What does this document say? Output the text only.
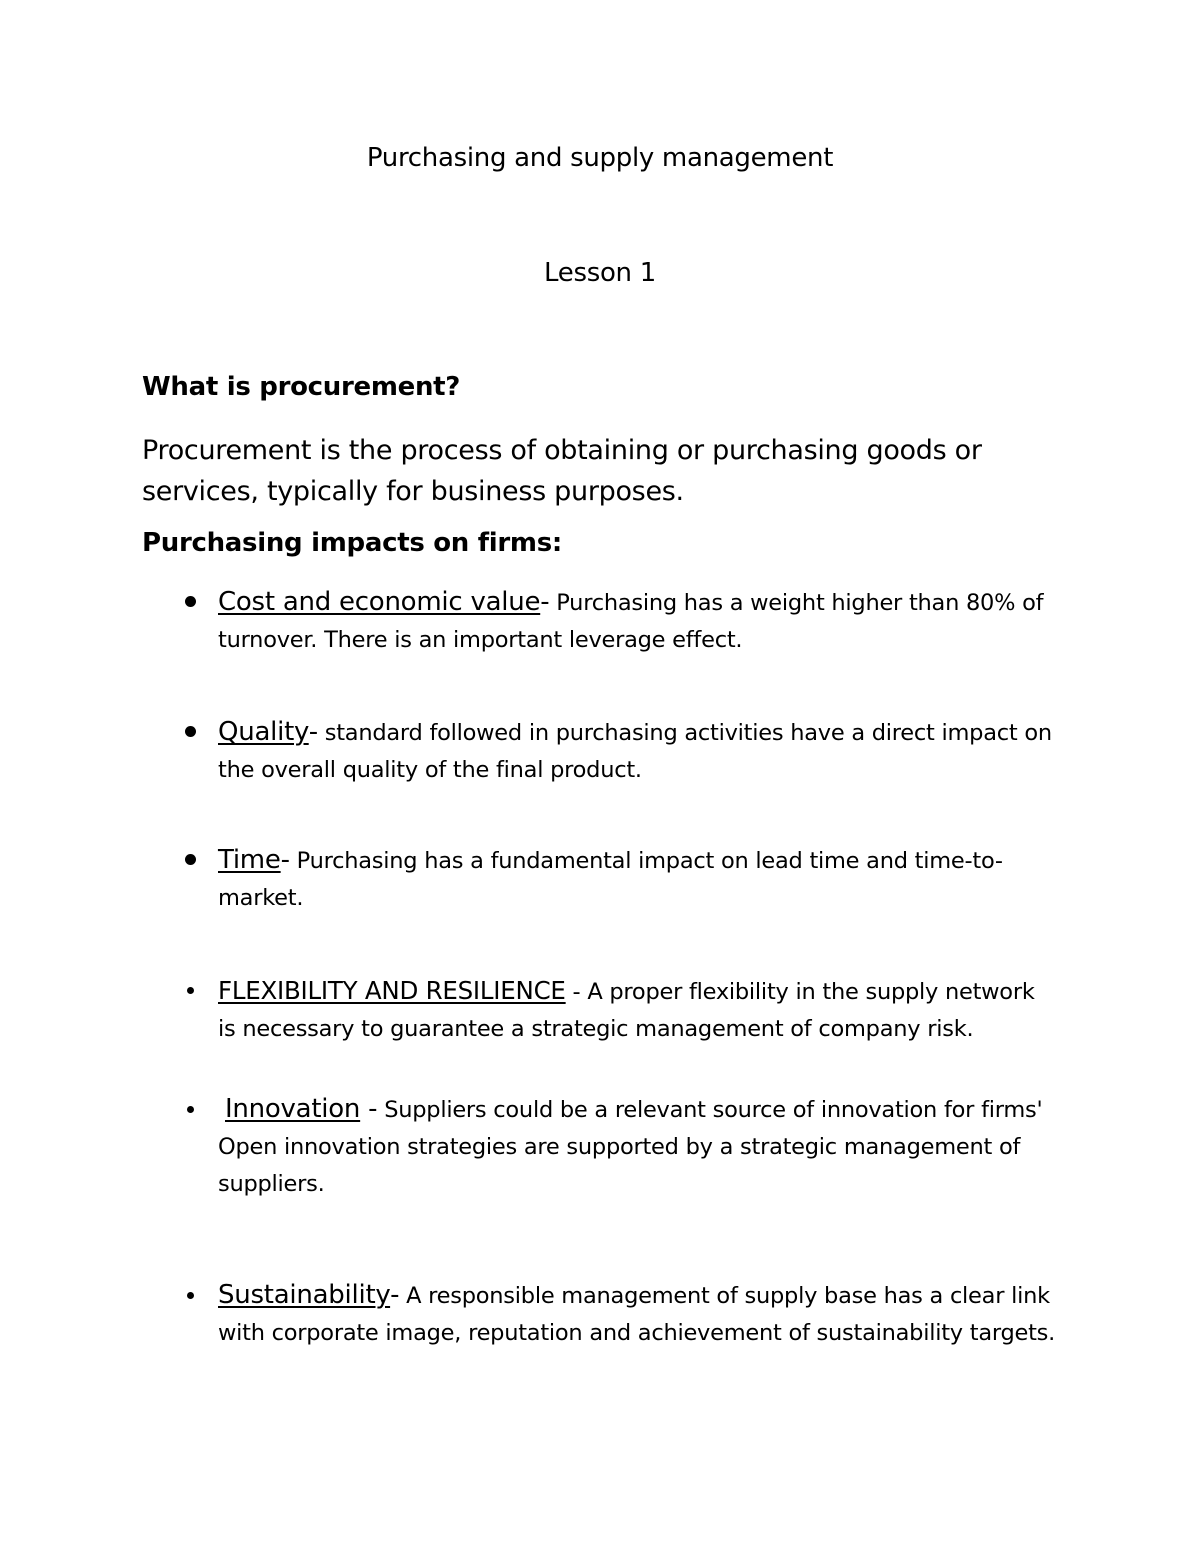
Purchasing and supply management

Lesson 1

What is procurement?

Procurement is the process of obtaining or purchasing goods or
services, typically for business purposes.

Purchasing impacts on firms:

Cost and economic value- Purchasing has a weight higher than 80% of
turnover. There is an important leverage effect.
Quality- standard followed in purchasing activities have a direct impact on
the overall quality of the final product.
Time- Purchasing has a fundamental impact on lead time and time-to-
market.
FLEXIBILITY AND RESILIENCE - A proper flexibility in the supply network
is necessary to guarantee a strategic management of company risk.
Innovation - Suppliers could be a relevant source of innovation for firms'
Open innovation strategies are supported by a strategic management of
suppliers.
Sustainability- A responsible management of supply base has a clear link
with corporate image, reputation and achievement of sustainability targets.
